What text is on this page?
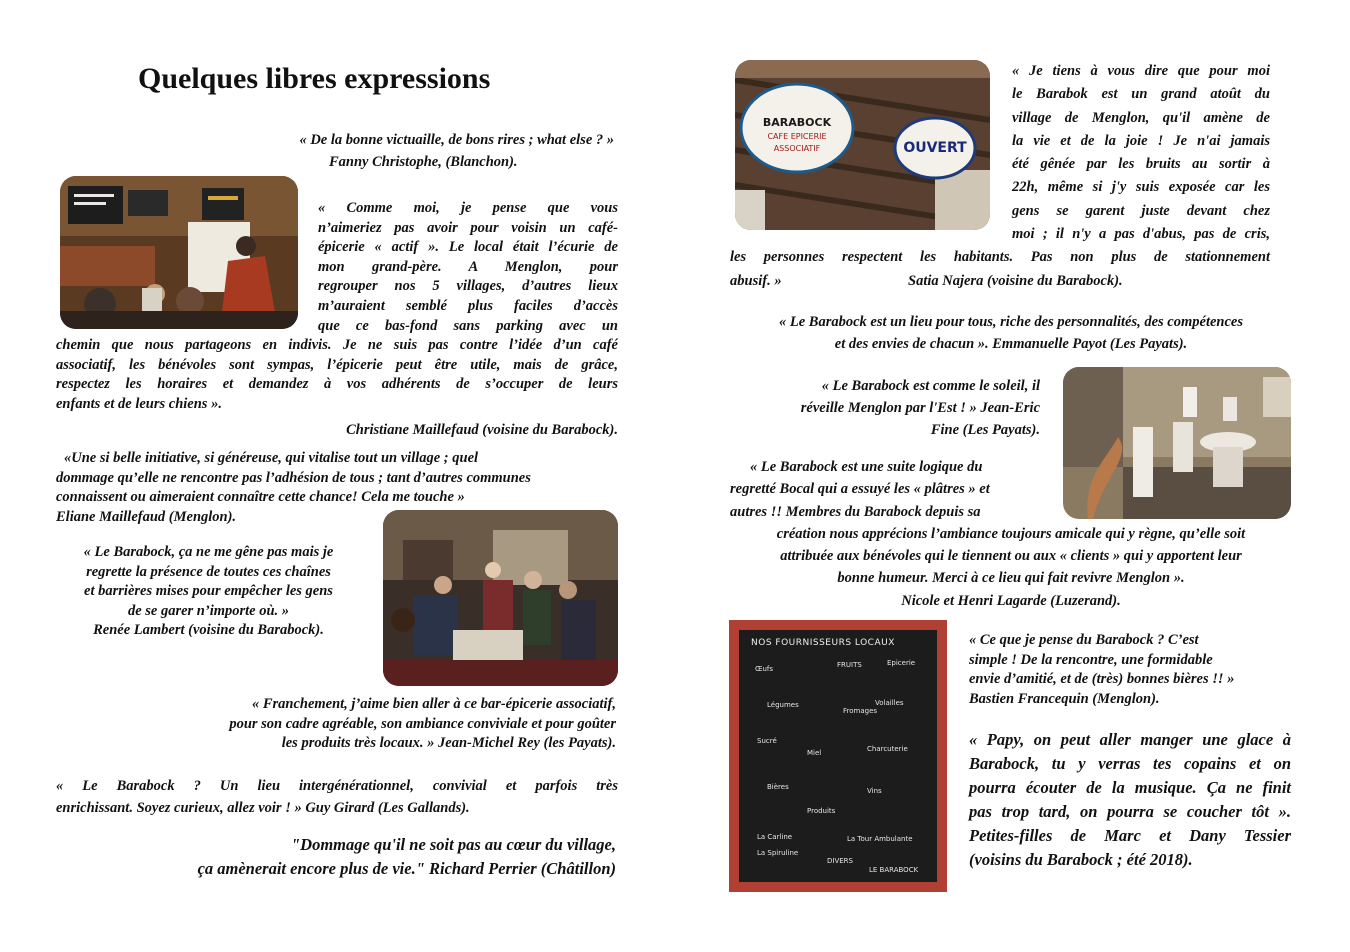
Quelques libres expressions
« De la bonne victuaille, de bons rires ; what else ? »
Fanny Christophe, (Blanchon).
« Comme moi, je pense que vous
n’aimeriez pas avoir pour voisin un café-
épicerie « actif ». Le local était l’écurie de
mon grand-père. A Menglon, pour
regrouper nos 5 villages, d’autres lieux
m’auraient semblé plus faciles d’accès
que ce bas-fond sans parking avec un
chemin que nous partageons en indivis. Je ne suis pas contre l’idée d’un café
associatif, les bénévoles sont sympas, l’épicerie peut être utile, mais de grâce,
respectez les horaires et demandez à vos adhérents de s’occuper de leurs
enfants et de leurs chiens ».
Christiane Maillefaud (voisine du Barabock).
«Une si belle initiative, si généreuse, qui vitalise tout un village ; quel
dommage qu’elle ne rencontre pas l’adhésion de tous ; tant d’autres communes
connaissent ou aimeraient connaître cette chance! Cela me touche »
Eliane Maillefaud (Menglon).
« Le Barabock, ça ne me gêne pas mais je
regrette la présence de toutes ces chaînes
et barrières mises pour empêcher les gens
de se garer n’importe où. »
Renée Lambert (voisine du Barabock).
« Franchement, j’aime bien aller à ce bar-épicerie associatif,
pour son cadre agréable, son ambiance conviviale et pour goûter
les produits très locaux. » Jean-Michel Rey (les Payats).
« Le Barabock ? Un lieu intergénérationnel, convivial et parfois très
enrichissant. Soyez curieux, allez voir ! » Guy Girard (Les Gallands).
"Dommage qu'il ne soit pas au cœur du village,
ça amènerait encore plus de vie." Richard Perrier (Châtillon)
BARABOCK
CAFE EPICERIE
ASSOCIATIF	OUVERT
« Je tiens à vous dire que pour moi
le Barabok est un grand atoût du
village de Menglon, qu'il amène de
la vie et de la joie ! Je n'ai jamais
été gênée par les bruits au sortir à
22h, même si j'y suis exposée car les
gens se garent juste devant chez
moi ; il n'y a pas d'abus, pas de cris,
les personnes respectent les habitants. Pas non plus de stationnement
abusif. »	Satia Najera (voisine du Barabock).
« Le Barabock est un lieu pour tous, riche des personnalités, des compétences
et des envies de chacun ». Emmanuelle Payot (Les Payats).
« Le Barabock est comme le soleil, il
réveille Menglon par l'Est ! » Jean-Eric
Fine (Les Payats).
« Le Barabock est une suite logique du
regretté Bocal qui a essuyé les « plâtres » et
autres !! Membres du Barabock depuis sa
création nous apprécions l’ambiance toujours amicale qui y règne, qu’elle soit
attribuée aux bénévoles qui le tiennent ou aux « clients » qui y apportent leur
bonne humeur. Merci à ce lieu qui fait revivre Menglon ».
Nicole et Henri Lagarde (Luzerand).
NOS FOURNISSEURS LOCAUX
Œufs	FRUITS	Epicerie
Légumes
Fromages
Volailles
Sucré
Miel	Charcuterie
Bières	Vins
Produits
La Carline
La Spiruline
La Tour Ambulante
DIVERS
LE BARABOCK
« Ce que je pense du Barabock ? C’est
simple ! De la rencontre, une formidable
envie d’amitié, et de (très) bonnes bières !! »
Bastien Francequin (Menglon).
« Papy, on peut aller manger une glace à
Barabock, tu y verras tes copains et on
pourra écouter de la musique. Ça ne finit
pas trop tard, on pourra se coucher tôt ».
Petites-filles de Marc et Dany Tessier
(voisins du Barabock ; été 2018).
